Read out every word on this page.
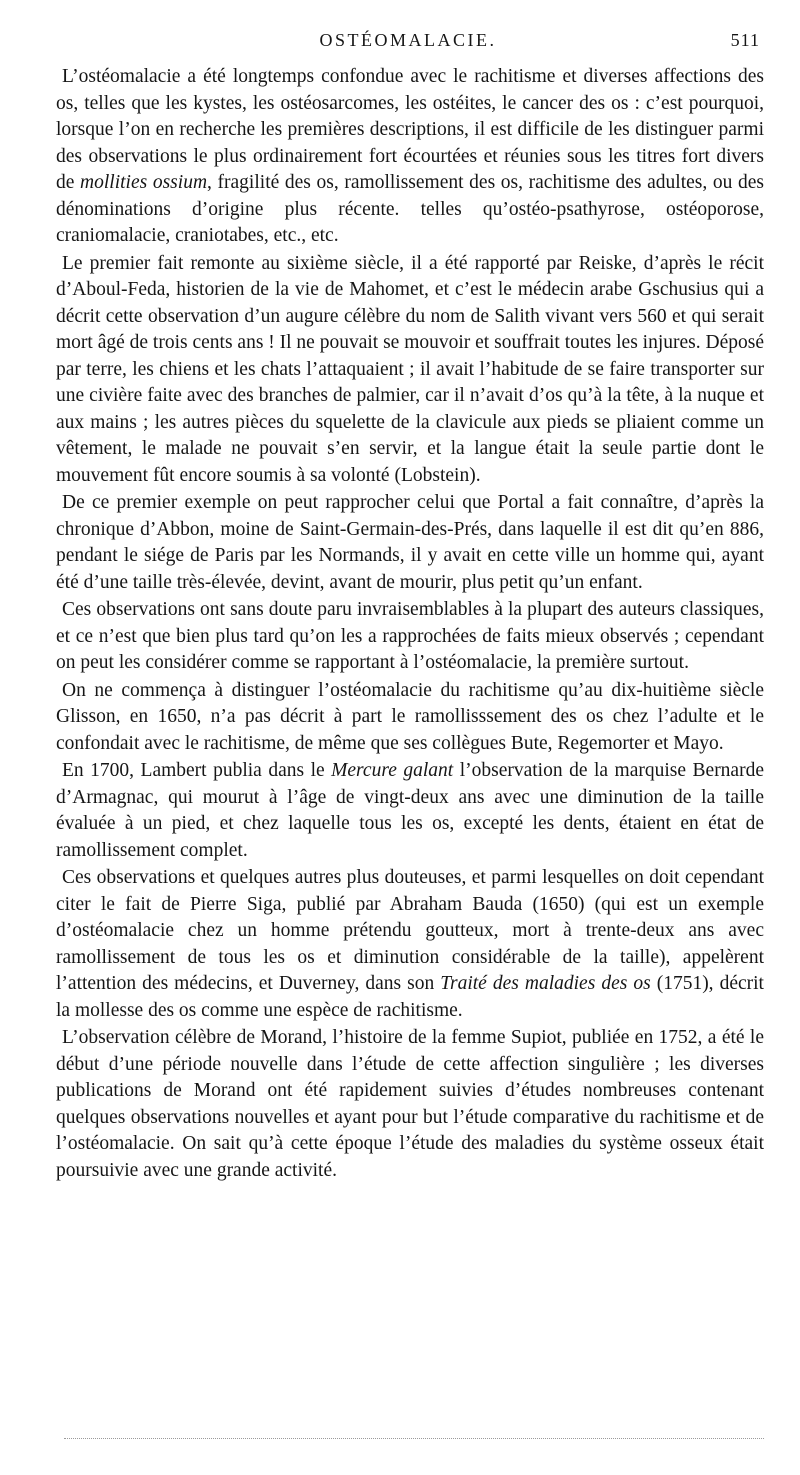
OSTÉOMALACIE.	511

L’ostéomalacie a été longtemps confondue avec le rachitisme et diverses affections des os, telles que les kystes, les ostéosarcomes, les ostéites, le cancer des os : c’est pourquoi, lorsque l’on en recherche les premières descriptions, il est difficile de les distinguer parmi des observations le plus ordinairement fort écourtées et réunies sous les titres fort divers de mollities ossium, fragilité des os, ramollissement des os, rachitisme des adultes, ou des dénominations d’origine plus récente. telles qu’ostéo-psathyrose, ostéoporose, craniomalacie, craniotabes, etc., etc.

Le premier fait remonte au sixième siècle, il a été rapporté par Reiske, d’après le récit d’Aboul-Feda, historien de la vie de Mahomet, et c’est le médecin arabe Gschusius qui a décrit cette observation d’un augure célèbre du nom de Salith vivant vers 560 et qui serait mort âgé de trois cents ans ! Il ne pouvait se mouvoir et souffrait toutes les injures. Déposé par terre, les chiens et les chats l’attaquaient ; il avait l’habitude de se faire transporter sur une civière faite avec des branches de palmier, car il n’avait d’os qu’à la tête, à la nuque et aux mains ; les autres pièces du squelette de la clavicule aux pieds se pliaient comme un vêtement, le malade ne pouvait s’en servir, et la langue était la seule partie dont le mouvement fût encore soumis à sa volonté (Lobstein).

De ce premier exemple on peut rapprocher celui que Portal a fait connaître, d’après la chronique d’Abbon, moine de Saint-Germain-des-Prés, dans laquelle il est dit qu’en 886, pendant le siége de Paris par les Normands, il y avait en cette ville un homme qui, ayant été d’une taille très-élevée, devint, avant de mourir, plus petit qu’un enfant.

Ces observations ont sans doute paru invraisemblables à la plupart des auteurs classiques, et ce n’est que bien plus tard qu’on les a rapprochées de faits mieux observés ; cependant on peut les considérer comme se rapportant à l’ostéomalacie, la première surtout.

On ne commença à distinguer l’ostéomalacie du rachitisme qu’au dix-huitième siècle Glisson, en 1650, n’a pas décrit à part le ramollisssement des os chez l’adulte et le confondait avec le rachitisme, de même que ses collègues Bute, Regemorter et Mayo.

En 1700, Lambert publia dans le Mercure galant l’observation de la marquise Bernarde d’Armagnac, qui mourut à l’âge de vingt-deux ans avec une diminution de la taille évaluée à un pied, et chez laquelle tous les os, excepté les dents, étaient en état de ramollissement complet.

Ces observations et quelques autres plus douteuses, et parmi lesquelles on doit cependant citer le fait de Pierre Siga, publié par Abraham Bauda (1650) (qui est un exemple d’ostéomalacie chez un homme prétendu goutteux, mort à trente-deux ans avec ramollissement de tous les os et diminution considérable de la taille), appelèrent l’attention des médecins, et Duverney, dans son Traité des maladies des os (1751), décrit la mollesse des os comme une espèce de rachitisme.

L’observation célèbre de Morand, l’histoire de la femme Supiot, publiée en 1752, a été le début d’une période nouvelle dans l’étude de cette affection singulière ; les diverses publications de Morand ont été rapidement suivies d’études nombreuses contenant quelques observations nouvelles et ayant pour but l’étude comparative du rachitisme et de l’ostéomalacie. On sait qu’à cette époque l’étude des maladies du système osseux était poursuivie avec une grande activité.
